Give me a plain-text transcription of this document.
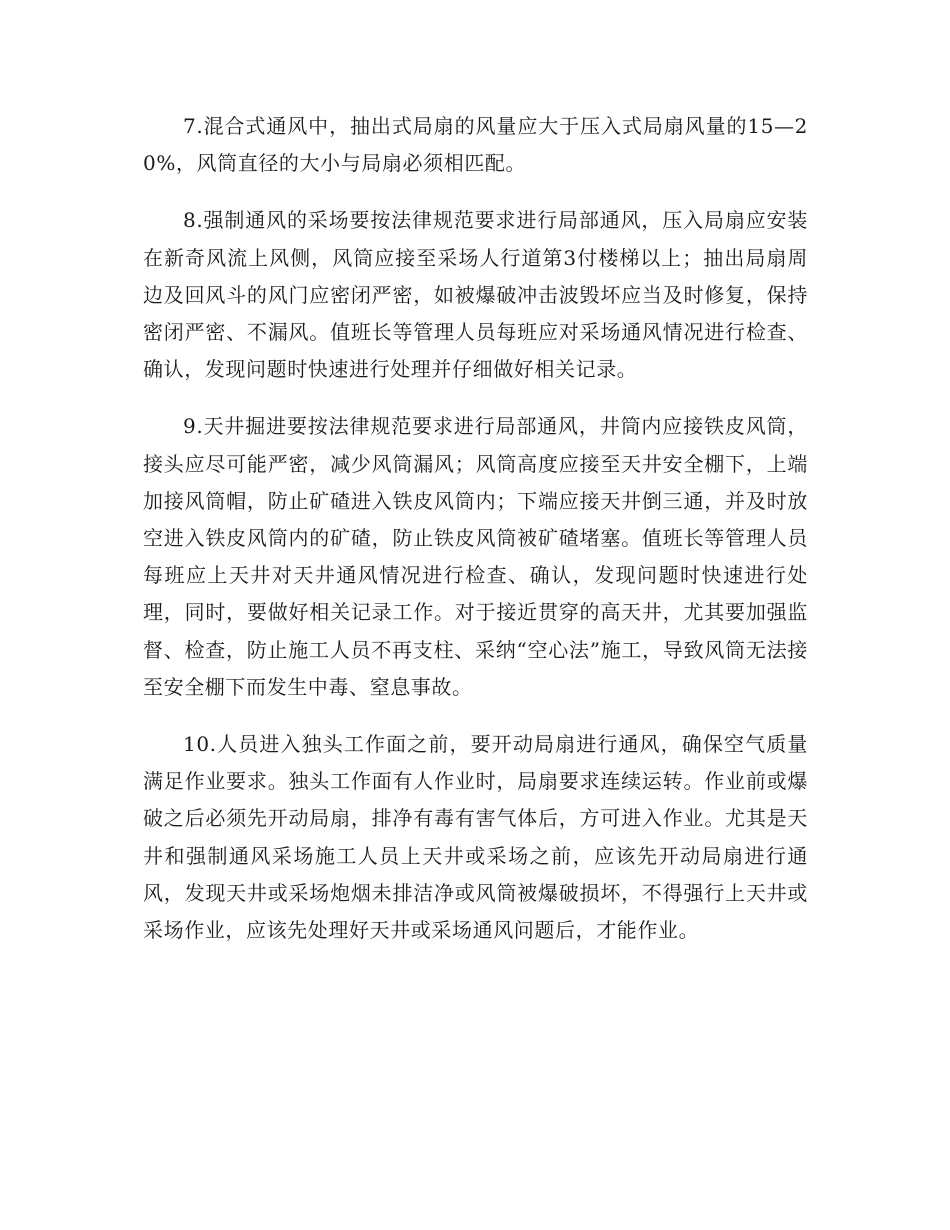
7.混合式通风中，抽出式局扇的风量应大于压入式局扇风量的15—20%，风筒直径的大小与局扇必须相匹配。

8.强制通风的采场要按法律规范要求进行局部通风，压入局扇应安装在新奇风流上风侧，风筒应接至采场人行道第3付楼梯以上；抽出局扇周边及回风斗的风门应密闭严密，如被爆破冲击波毁坏应当及时修复，保持密闭严密、不漏风。值班长等管理人员每班应对采场通风情况进行检查、确认，发现问题时快速进行处理并仔细做好相关记录。

9.天井掘进要按法律规范要求进行局部通风，井筒内应接铁皮风筒，接头应尽可能严密，减少风筒漏风；风筒高度应接至天井安全棚下，上端加接风筒帽，防止矿碴进入铁皮风筒内；下端应接天井倒三通，并及时放空进入铁皮风筒内的矿碴，防止铁皮风筒被矿碴堵塞。值班长等管理人员每班应上天井对天井通风情况进行检查、确认，发现问题时快速进行处理，同时，要做好相关记录工作。对于接近贯穿的高天井，尤其要加强监督、检查，防止施工人员不再支柱、采纳“空心法”施工，导致风筒无法接至安全棚下而发生中毒、窒息事故。

10.人员进入独头工作面之前，要开动局扇进行通风，确保空气质量满足作业要求。独头工作面有人作业时，局扇要求连续运转。作业前或爆破之后必须先开动局扇，排净有毒有害气体后，方可进入作业。尤其是天井和强制通风采场施工人员上天井或采场之前，应该先开动局扇进行通风，发现天井或采场炮烟未排洁净或风筒被爆破损坏，不得强行上天井或采场作业，应该先处理好天井或采场通风问题后，才能作业。
